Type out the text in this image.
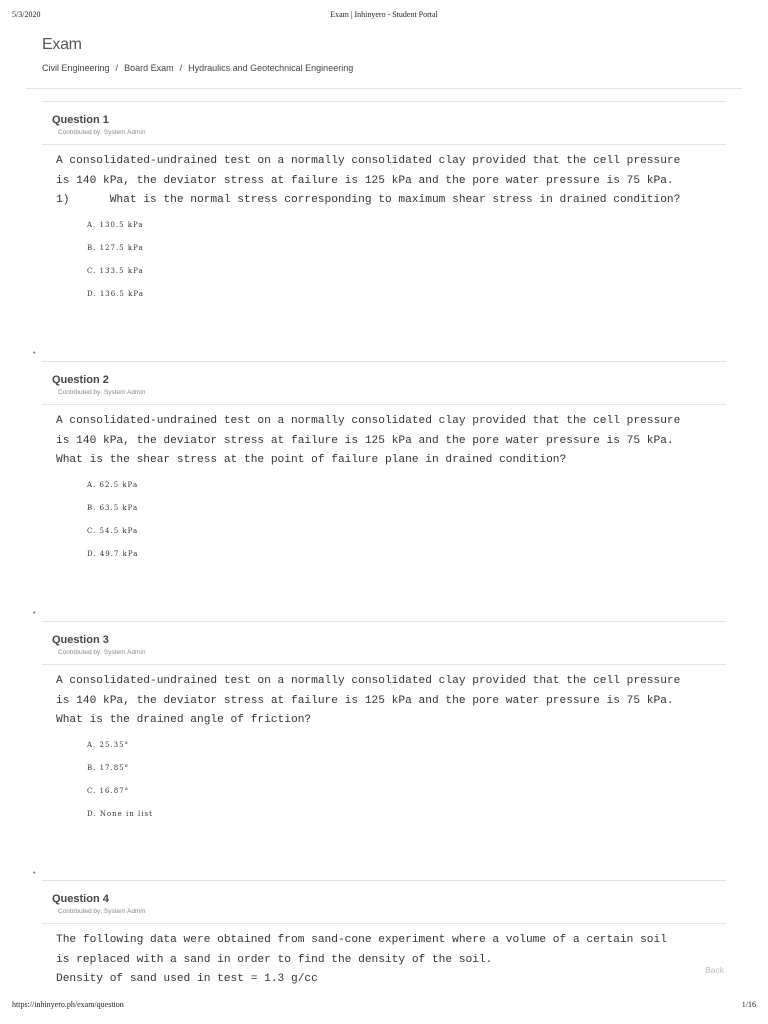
5/3/2020	Exam | Inhinyero - Student Portal
Exam
Civil Engineering / Board Exam / Hydraulics and Geotechnical Engineering
Question 1
Contributed by: System Admin
A consolidated-undrained test on a normally consolidated clay provided that the cell pressure
is 140 kPa, the deviator stress at failure is 125 kPa and the pore water pressure is 75 kPa.
1)      What is the normal stress corresponding to maximum shear stress in drained condition?
A. 130.5 kPa
B. 127.5 kPa
C. 133.5 kPa
D. 136.5 kPa
•
Question 2
Contributed by: System Admin
A consolidated-undrained test on a normally consolidated clay provided that the cell pressure
is 140 kPa, the deviator stress at failure is 125 kPa and the pore water pressure is 75 kPa.
What is the shear stress at the point of failure plane in drained condition?
A. 62.5 kPa
B. 63.5 kPa
C. 54.5 kPa
D. 49.7 kPa
•
Question 3
Contributed by: System Admin
A consolidated-undrained test on a normally consolidated clay provided that the cell pressure
is 140 kPa, the deviator stress at failure is 125 kPa and the pore water pressure is 75 kPa.
What is the drained angle of friction?
A. 25.35°
B. 17.85°
C. 16.87°
D. None in list
•
Question 4
Contributed by: System Admin
The following data were obtained from sand-cone experiment where a volume of a certain soil
is replaced with a sand in order to find the density of the soil.
Density of sand used in test = 1.3 g/cc
Back
https://inhinyero.ph/exam/question	1/16
